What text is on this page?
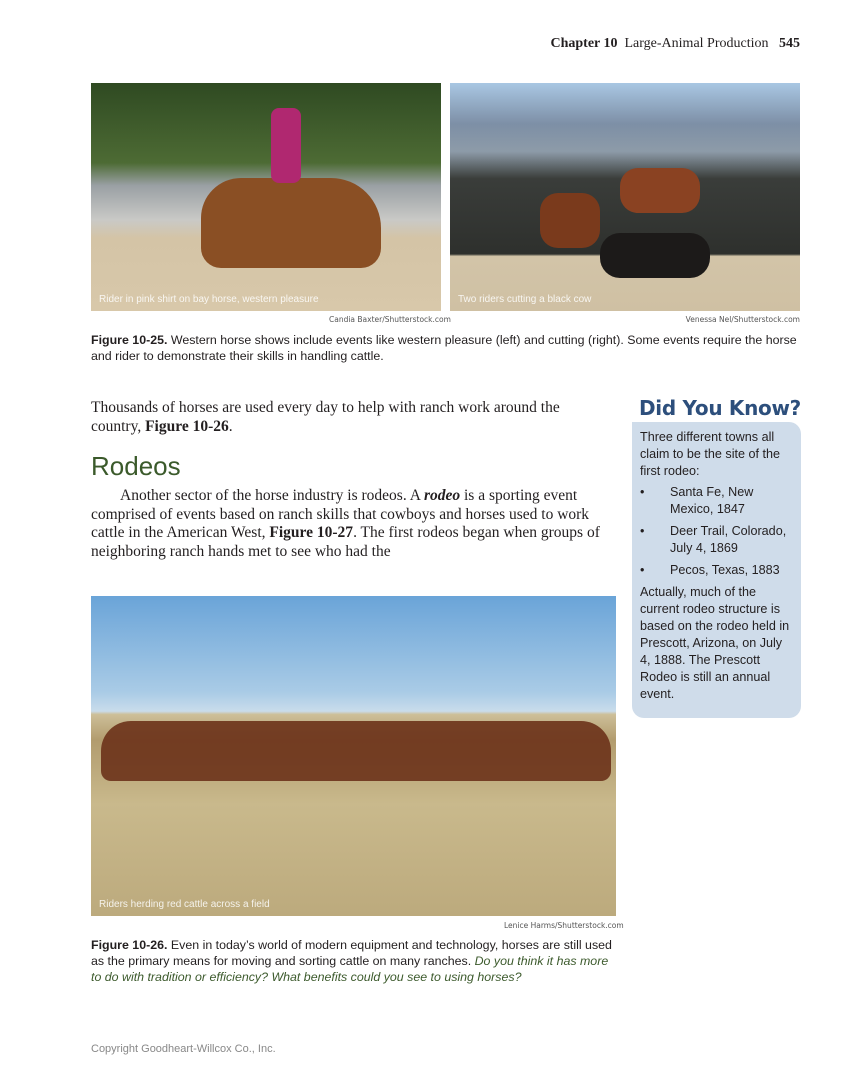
Chapter 10 Large-Animal Production 545
Rider in pink shirt on bay horse, western pleasure	Two riders cutting a black cow
Candia Baxter/Shutterstock.com	Venessa Nel/Shutterstock.com
Figure 10-25. Western horse shows include events like western pleasure (left) and cutting (right). Some events require the horse and rider to demonstrate their skills in handling cattle.
Thousands of horses are used every day to help with ranch work around the country, Figure 10-26.
Rodeos
Another sector of the horse industry is rodeos. A rodeo is a sporting event comprised of events based on ranch skills that cowboys and horses used to work cattle in the American West, Figure 10-27. The first rodeos began when groups of neighboring ranch hands met to see who had the
Riders herding red cattle across a field
Lenice Harms/Shutterstock.com
Figure 10-26. Even in today’s world of modern equipment and technology, horses are still used as the primary means for moving and sorting cattle on many ranches. Do you think it has more to do with tradition or efficiency? What benefits could you see to using horses?
Did You Know?

Three different towns all claim to be the site of the first rodeo:

• Santa Fe, New Mexico, 1847
• Deer Trail, Colorado, July 4, 1869
• Pecos, Texas, 1883

Actually, much of the current rodeo structure is based on the rodeo held in Prescott, Arizona, on July 4, 1888. The Prescott Rodeo is still an annual event.

Copyright Goodheart-Willcox Co., Inc.
